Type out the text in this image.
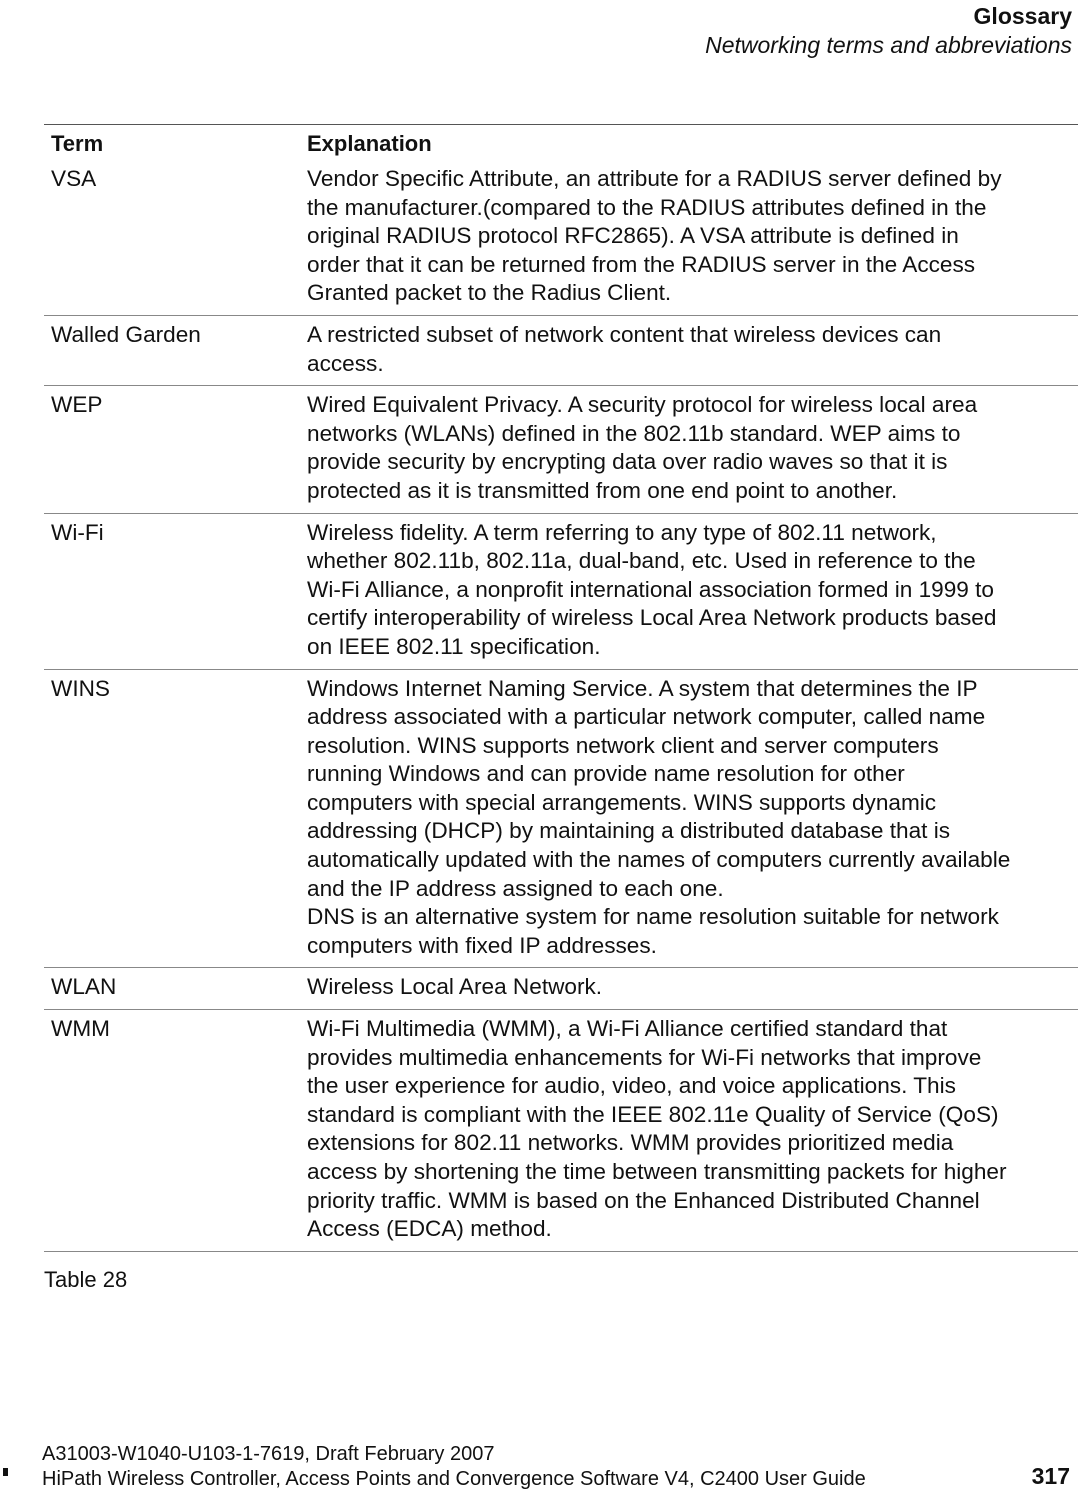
Glossary
Networking terms and abbreviations
Term	Explanation
VSA	Vendor Specific Attribute, an attribute for a RADIUS server defined by
the manufacturer.(compared to the RADIUS attributes defined in the
original RADIUS protocol RFC2865). A VSA attribute is defined in
order that it can be returned from the RADIUS server in the Access
Granted packet to the Radius Client.
Walled Garden	A restricted subset of network content that wireless devices can
access.
WEP	Wired Equivalent Privacy. A security protocol for wireless local area
networks (WLANs) defined in the 802.11b standard. WEP aims to
provide security by encrypting data over radio waves so that it is
protected as it is transmitted from one end point to another.
Wi-Fi	Wireless fidelity. A term referring to any type of 802.11 network,
whether 802.11b, 802.11a, dual-band, etc. Used in reference to the
Wi-Fi Alliance, a nonprofit international association formed in 1999 to
certify interoperability of wireless Local Area Network products based
on IEEE 802.11 specification.
WINS	Windows Internet Naming Service. A system that determines the IP
address associated with a particular network computer, called name
resolution. WINS supports network client and server computers
running Windows and can provide name resolution for other
computers with special arrangements. WINS supports dynamic
addressing (DHCP) by maintaining a distributed database that is
automatically updated with the names of computers currently available
and the IP address assigned to each one.
DNS is an alternative system for name resolution suitable for network
computers with fixed IP addresses.
WLAN	Wireless Local Area Network.
WMM	Wi-Fi Multimedia (WMM), a Wi-Fi Alliance certified standard that
provides multimedia enhancements for Wi-Fi networks that improve
the user experience for audio, video, and voice applications. This
standard is compliant with the IEEE 802.11e Quality of Service (QoS)
extensions for 802.11 networks. WMM provides prioritized media
access by shortening the time between transmitting packets for higher
priority traffic. WMM is based on the Enhanced Distributed Channel
Access (EDCA) method.
Table 28
A31003-W1040-U103-1-7619, Draft February 2007
HiPath Wireless Controller, Access Points and Convergence Software V4, C2400 User Guide	317
